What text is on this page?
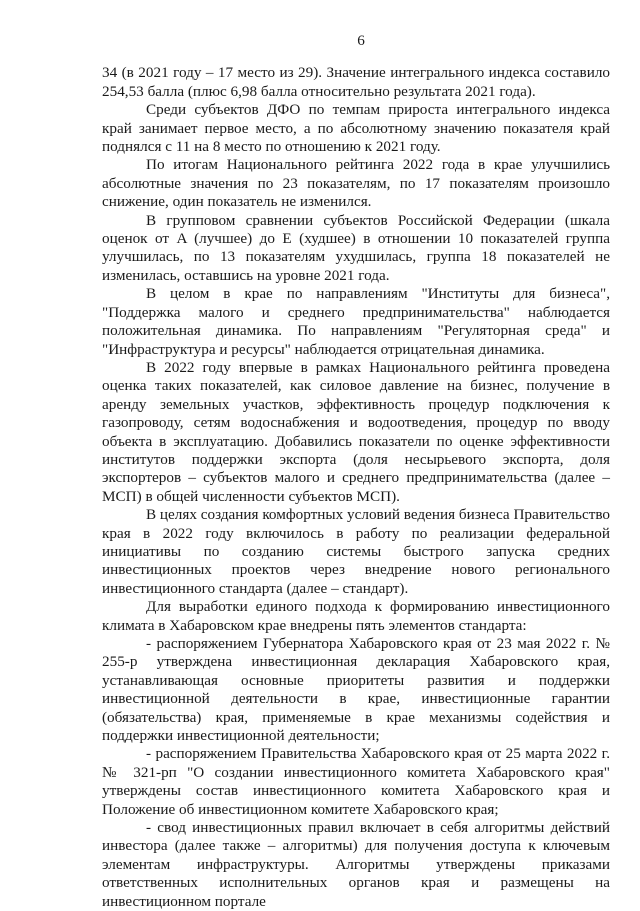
6

34 (в 2021 году – 17 место из 29). Значение интегрального индекса составило 254,53 балла (плюс 6,98 балла относительно результата 2021 года).

Среди субъектов ДФО по темпам прироста интегрального индекса край занимает первое место, а по абсолютному значению показателя край поднялся с 11 на 8 место по отношению к 2021 году.

По итогам Национального рейтинга 2022 года в крае улучшились абсолютные значения по 23 показателям, по 17 показателям произошло снижение, один показатель не изменился.

В групповом сравнении субъектов Российской Федерации (шкала оценок от A (лучшее) до E (худшее) в отношении 10 показателей группа улучшилась, по 13 показателям ухудшилась, группа 18 показателей не изменилась, оставшись на уровне 2021 года.

В целом в крае по направлениям "Институты для бизнеса", "Поддержка малого и среднего предпринимательства" наблюдается положительная динамика. По направлениям "Регуляторная среда" и "Инфраструктура и ресурсы" наблюдается отрицательная динамика.

В 2022 году впервые в рамках Национального рейтинга проведена оценка таких показателей, как силовое давление на бизнес, получение в аренду земельных участков, эффективность процедур подключения к газопроводу, сетям водоснабжения и водоотведения, процедур по вводу объекта в эксплуатацию. Добавились показатели по оценке эффективности институтов поддержки экспорта (доля несырьевого экспорта, доля экспортеров – субъектов малого и среднего предпринимательства (далее – МСП) в общей численности субъектов МСП).

В целях создания комфортных условий ведения бизнеса Правительство края в 2022 году включилось в работу по реализации федеральной инициативы по созданию системы быстрого запуска средних инвестиционных проектов через внедрение нового регионального инвестиционного стандарта (далее – стандарт).

Для выработки единого подхода к формированию инвестиционного климата в Хабаровском крае внедрены пять элементов стандарта:

- распоряжением Губернатора Хабаровского края от 23 мая 2022 г. № 255-р утверждена инвестиционная декларация Хабаровского края, устанавливающая основные приоритеты развития и поддержки инвестиционной деятельности в крае, инвестиционные гарантии (обязательства) края, применяемые в крае механизмы содействия и поддержки инвестиционной деятельности;

- распоряжением Правительства Хабаровского края от 25 марта 2022 г. № 321-рп "О создании инвестиционного комитета Хабаровского края" утверждены состав инвестиционного комитета Хабаровского края и Положение об инвестиционном комитете Хабаровского края;

- свод инвестиционных правил включает в себя алгоритмы действий инвестора (далее также – алгоритмы) для получения доступа к ключевым элементам инфраструктуры. Алгоритмы утверждены приказами ответственных исполнительных органов края и размещены на инвестиционном портале
